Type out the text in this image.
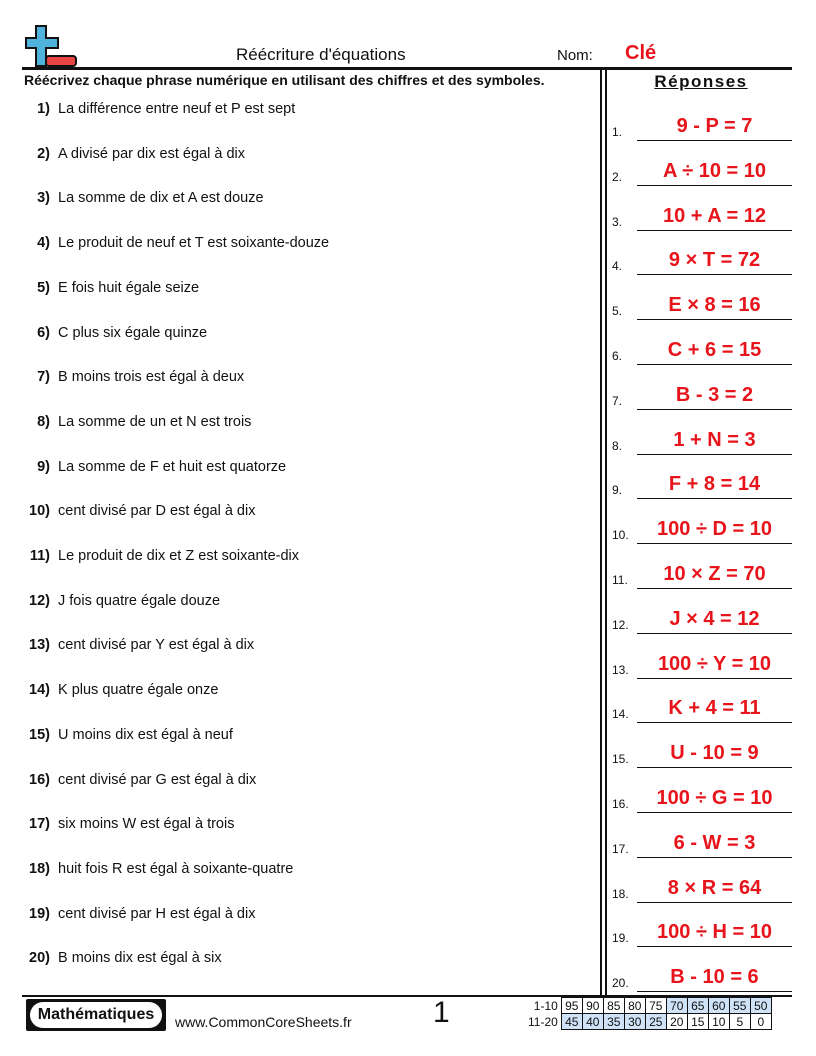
Réécriture d'équations	Nom: Clé
Réécrivez chaque phrase numérique en utilisant des chiffres et des symboles.	Réponses
1) La différence entre neuf et P est sept
1.	9 - P = 7
2) A divisé par dix est égal à dix
2.	A ÷ 10 = 10
3) La somme de dix et A est douze
3.	10 + A = 12
4) Le produit de neuf et T est soixante-douze
4.	9 × T = 72
5) E fois huit égale seize
5.	E × 8 = 16
6) C plus six égale quinze
6.	C + 6 = 15
7) B moins trois est égal à deux
7.	B - 3 = 2
8) La somme de un et N est trois
8.	1 + N = 3
9) La somme de F et huit est quatorze
9.	F + 8 = 14
10) cent divisé par D est égal à dix
10.	100 ÷ D = 10
11) Le produit de dix et Z est soixante-dix
11.	10 × Z = 70
12) J fois quatre égale douze
12.	J × 4 = 12
13) cent divisé par Y est égal à dix
13.	100 ÷ Y = 10
14) K plus quatre égale onze
14.	K + 4 = 11
15) U moins dix est égal à neuf
15.	U - 10 = 9
16) cent divisé par G est égal à dix
16.	100 ÷ G = 10
17) six moins W est égal à trois
17.	6 - W = 3
18) huit fois R est égal à soixante-quatre
18.	8 × R = 64
19) cent divisé par H est égal à dix
19.	100 ÷ H = 10
20) B moins dix est égal à six
20.	B - 10 = 6
Mathématiques	www.CommonCoreSheets.fr	1	1-10	95	90	85	80	75	70	65	60	55	50
11-20	45	40	35	30	25	20	15	10	5	0
